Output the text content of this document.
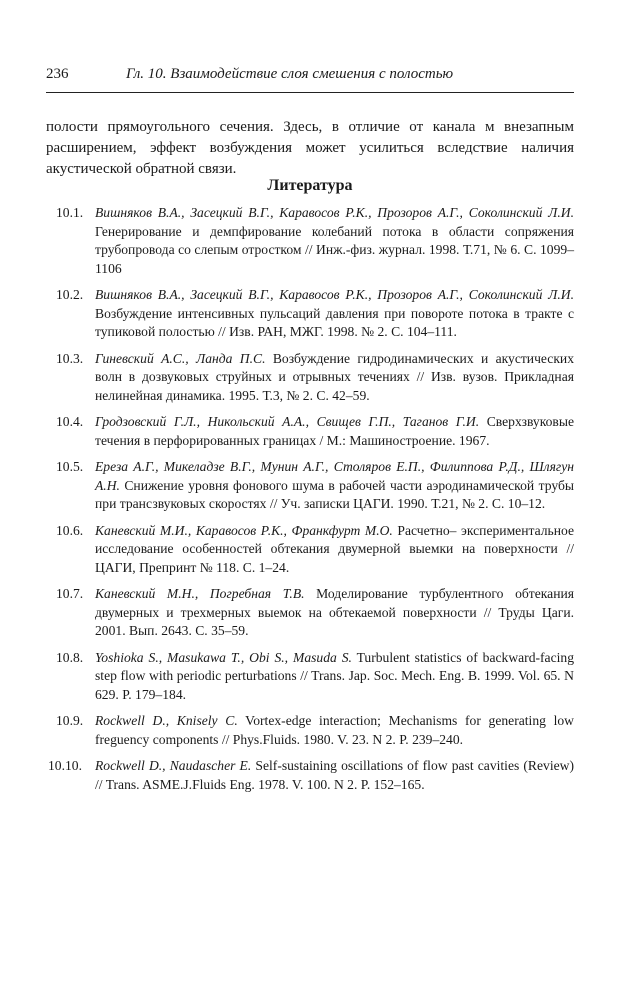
236	Гл. 10. Взаимодействие слоя смешения с полостью

полости прямоугольного сечения. Здесь, в отличие от канала м внезапным расширением, эффект возбуждения может усилиться вследствие наличия акустической обратной связи.

Литература
10.1. Вишняков В.А., Засецкий В.Г., Каравосов Р.К., Прозоров А.Г., Соколинский Л.И. Генерирование и демпфирование колебаний потока в области сопряжения трубопровода со слепым отростком // Инж.-физ. журнал. 1998. Т.71, № 6. С. 1099–1106
10.2. Вишняков В.А., Засецкий В.Г., Каравосов Р.К., Прозоров А.Г., Соколинский Л.И. Возбуждение интенсивных пульсаций давления при повороте потока в тракте с тупиковой полостью // Изв. РАН, МЖГ. 1998. № 2. С. 104–111.
10.3. Гиневский А.С., Ланда П.С. Возбуждение гидродинамических и акустических волн в дозвуковых струйных и отрывных течениях // Изв. вузов. Прикладная нелинейная динамика. 1995. Т.3, № 2. С. 42–59.
10.4. Гродзовский Г.Л., Никольский А.А., Свищев Г.П., Таганов Г.И. Сверхзвуковые течения в перфорированных границах / М.: Машиностроение. 1967.
10.5. Ереза А.Г., Микеладзе В.Г., Мунин А.Г., Столяров Е.П., Филиппова Р.Д., Шлягун А.Н. Снижение уровня фонового шума в рабочей части аэродинамической трубы при трансзвуковых скоростях // Уч. записки ЦАГИ. 1990. Т.21, № 2. С. 10–12.
10.6. Каневский М.И., Каравосов Р.К., Франкфурт М.О. Расчетно– экспериментальное исследование особенностей обтекания двумерной выемки на поверхности // ЦАГИ, Препринт № 118. С. 1–24.
10.7. Каневский М.Н., Погребная Т.В. Моделирование турбулентного обтекания двумерных и трехмерных выемок на обтекаемой поверхности // Труды Цаги. 2001. Вып. 2643. С. 35–59.
10.8. Yoshioka S., Masukawa T., Obi S., Masuda S. Turbulent statistics of backward-facing step flow with periodic perturbations // Trans. Jap. Soc. Mech. Eng. B. 1999. Vol. 65. N 629. P. 179–184.
10.9. Rockwell D., Knisely C. Vortex-edge interaction; Mechanisms for generating low freguency components // Phys.Fluids. 1980. V. 23. N 2. P. 239–240.
10.10. Rockwell D., Naudascher E. Self-sustaining oscillations of flow past cavities (Review) // Trans. ASME.J.Fluids Eng. 1978. V. 100. N 2. P. 152–165.
